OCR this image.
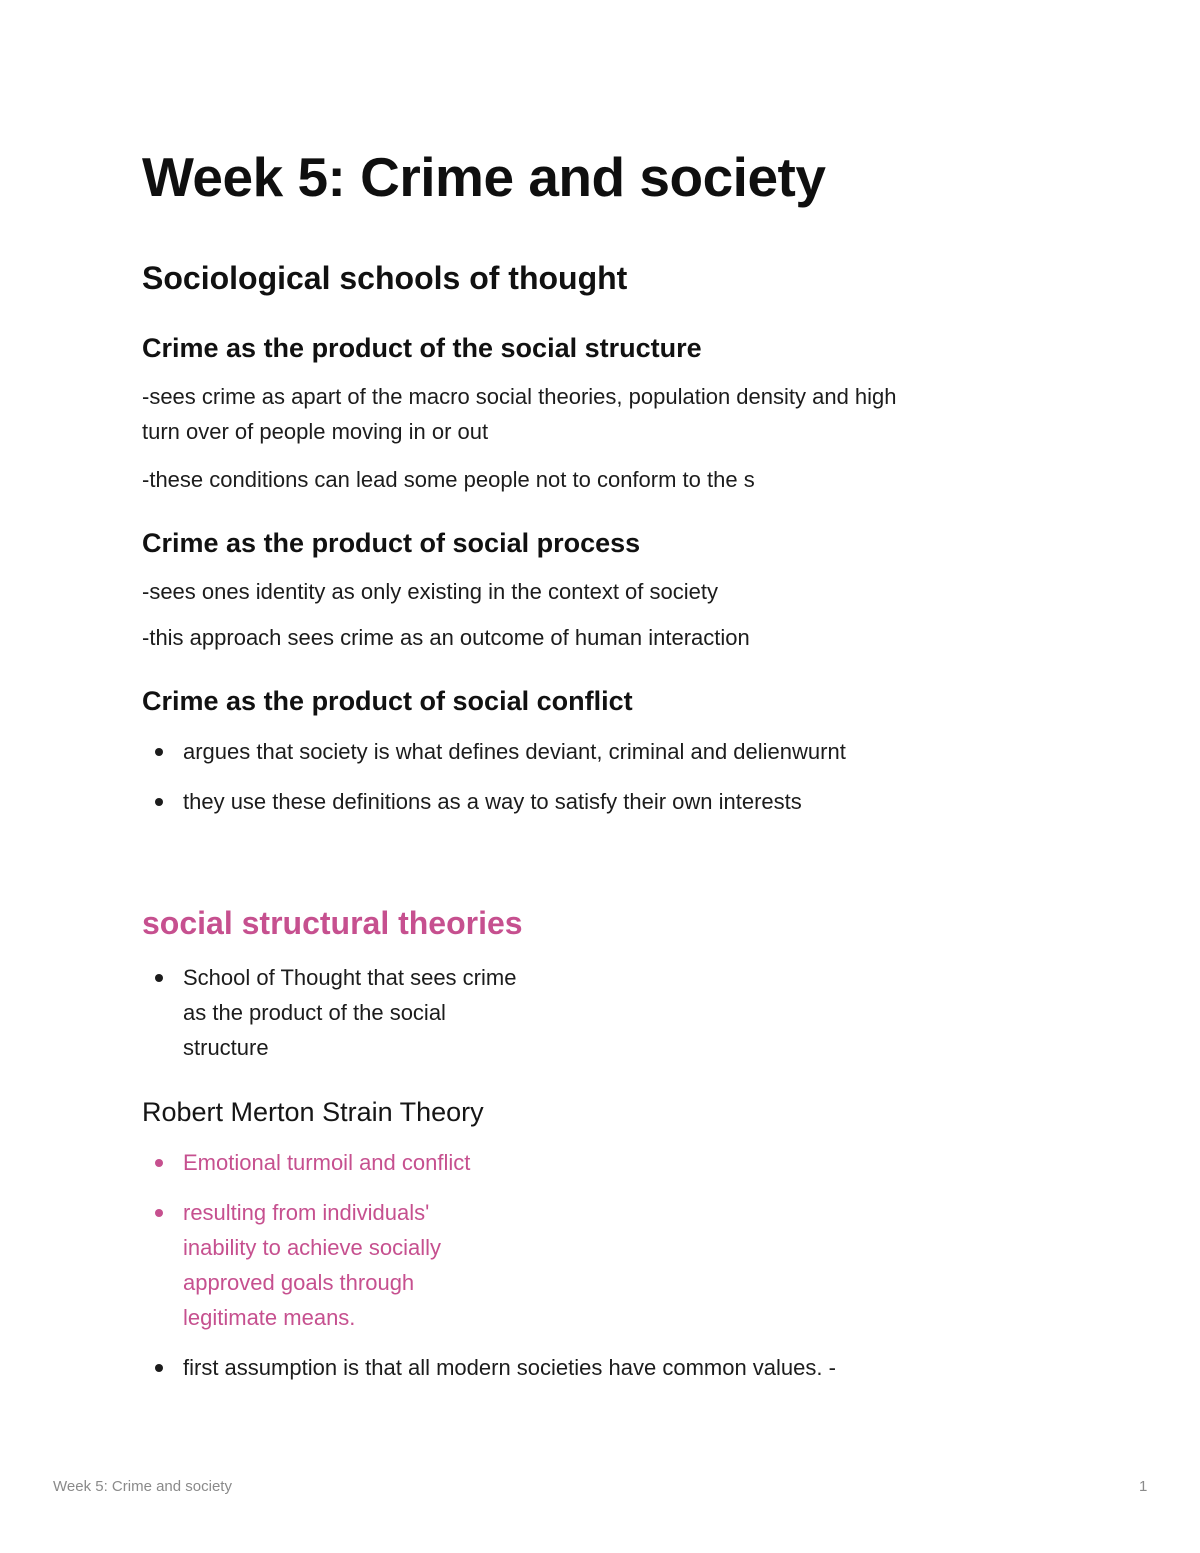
Week 5: Crime and society
Sociological schools of thought
Crime as the product of the social structure

-sees crime as apart of the macro social theories, population density and high

turn over of people moving in or out

-these conditions can lead some people not to conform to the s

Crime as the product of social process

-sees ones identity as only existing in the context of society

-this approach sees crime as an outcome of human interaction

Crime as the product of social conflict
argues that society is what defines deviant, criminal and delienwurnt
they use these definitions as a way to satisfy their own interests
social structural theories
School of Thought that sees crime
as the product of the social
structure
Robert Merton Strain Theory
Emotional turmoil and conflict
resulting from individuals'
inability to achieve socially
approved goals through
legitimate means.
first assumption is that all modern societies have common values. -
Week 5: Crime and society	1
